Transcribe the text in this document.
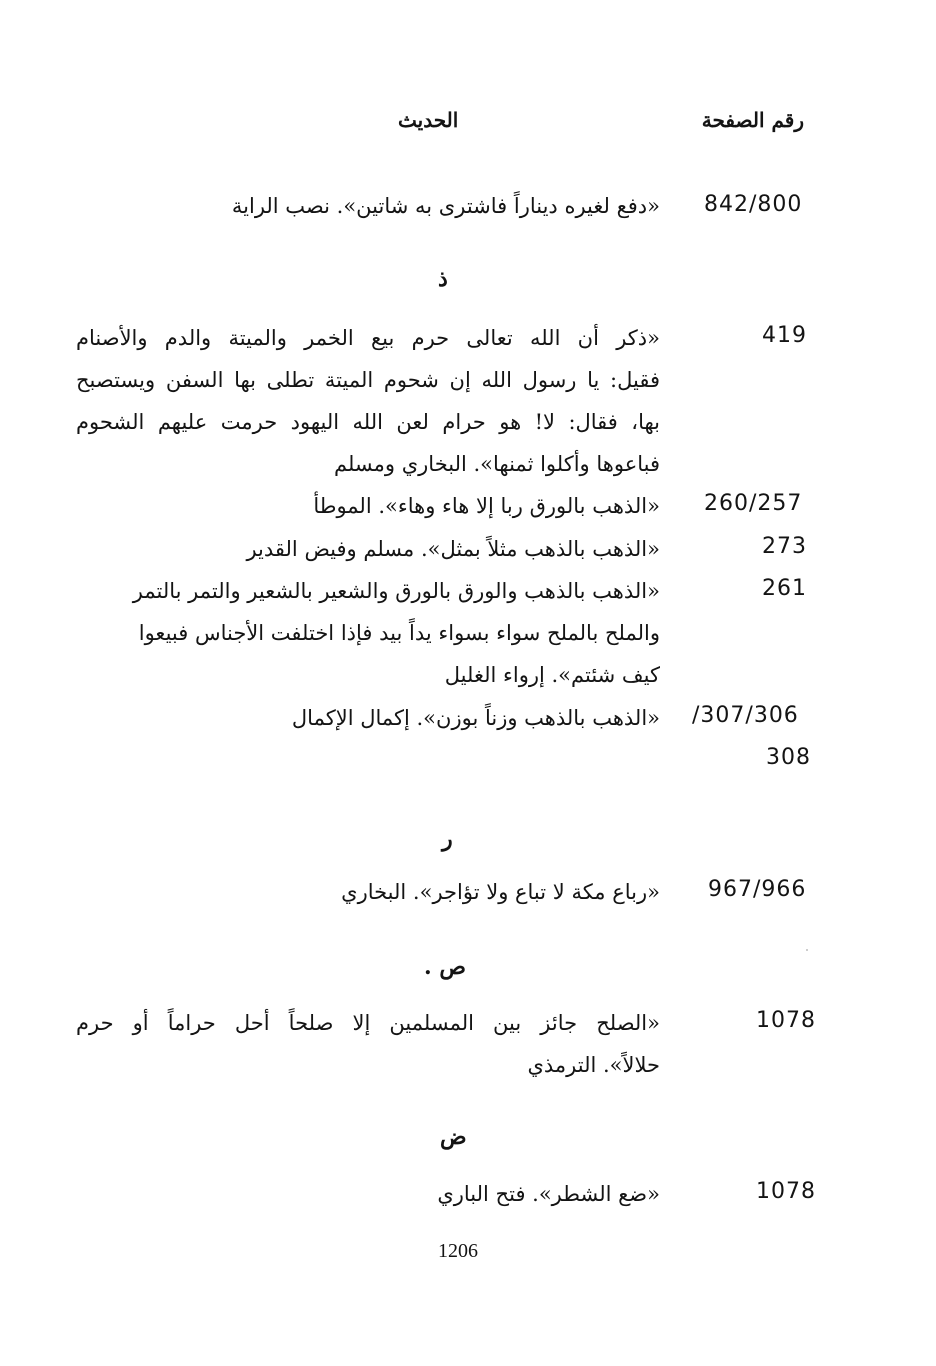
رقم الصفحة
الحديث
842/800
«دفع لغيره ديناراً فاشترى به شاتين». نصب الراية
ذ
419
«ذكر أن الله تعالى حرم بيع الخمر والميتة والدم والأصنام
فقيل: يا رسول الله إن شحوم الميتة تطلى بها السفن ويستصبح
بها، فقال: لا! هو حرام لعن الله اليهود حرمت عليهم الشحوم
فباعوها وأكلوا ثمنها». البخاري ومسلم
260/257
«الذهب بالورق ربا إلا هاء وهاء». الموطأ
273
«الذهب بالذهب مثلاً بمثل». مسلم وفيض القدير
261
«الذهب بالذهب والورق بالورق والشعير بالشعير والتمر بالتمر
والملح بالملح سواء بسواء يداً بيد فإذا اختلفت الأجناس فبيعوا
كيف شئتم». إرواء الغليل
/307/306
308
«الذهب بالذهب وزناً بوزن». إكمال الإكمال
ر
967/966
«رباع مكة لا تباع ولا تؤاجر». البخاري
ص .
1078
«الصلح جائز بين المسلمين إلا صلحاً أحل حراماً أو حرم
حلالاً». الترمذي
ض
1078
«ضع الشطر». فتح الباري
1206
